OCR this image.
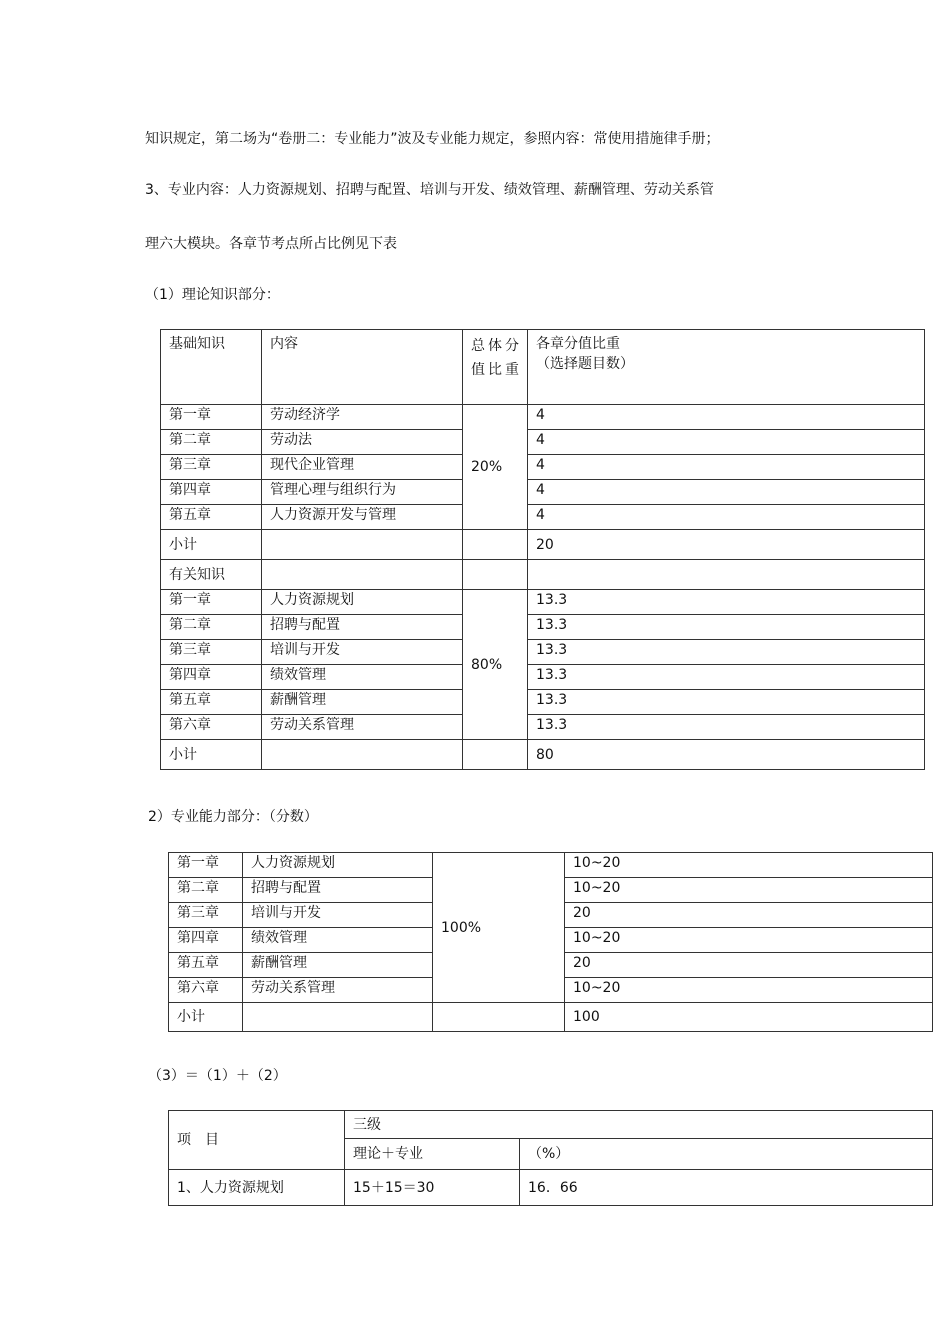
知识规定，第二场为“卷册二：专业能力”波及专业能力规定，参照内容：常使用措施律手册；
3、专业内容：人力资源规划、招聘与配置、培训与开发、绩效管理、薪酬管理、劳动关系管
理六大模块。各章节考点所占比例见下表
（1）理论知识部分：
基础知识	内容	总体分值比重	各章分值比重
（选择题目数）

第一章	劳动经济学	20%	4
第二章	劳动法		4
第三章	现代企业管理		4
第四章	管理心理与组织行为		4
第五章	人力资源开发与管理		4
小计			20
有关知识			
第一章	人力资源规划	80%	13.3
第二章	招聘与配置		13.3
第三章	培训与开发		13.3
第四章	绩效管理		13.3
第五章	薪酬管理		13.3
第六章	劳动关系管理		13.3
小计			80
2）专业能力部分：（分数）
第一章	人力资源规划	100%	10~20
第二章	招聘与配置		10~20
第三章	培训与开发		20
第四章	绩效管理		10~20
第五章	薪酬管理		20
第六章	劳动关系管理		10~20
小计			100
（3）＝（1）＋（2）
项　目	三级	
	理论＋专业	（%）
1、人力资源规划	15＋15＝30	16．66
